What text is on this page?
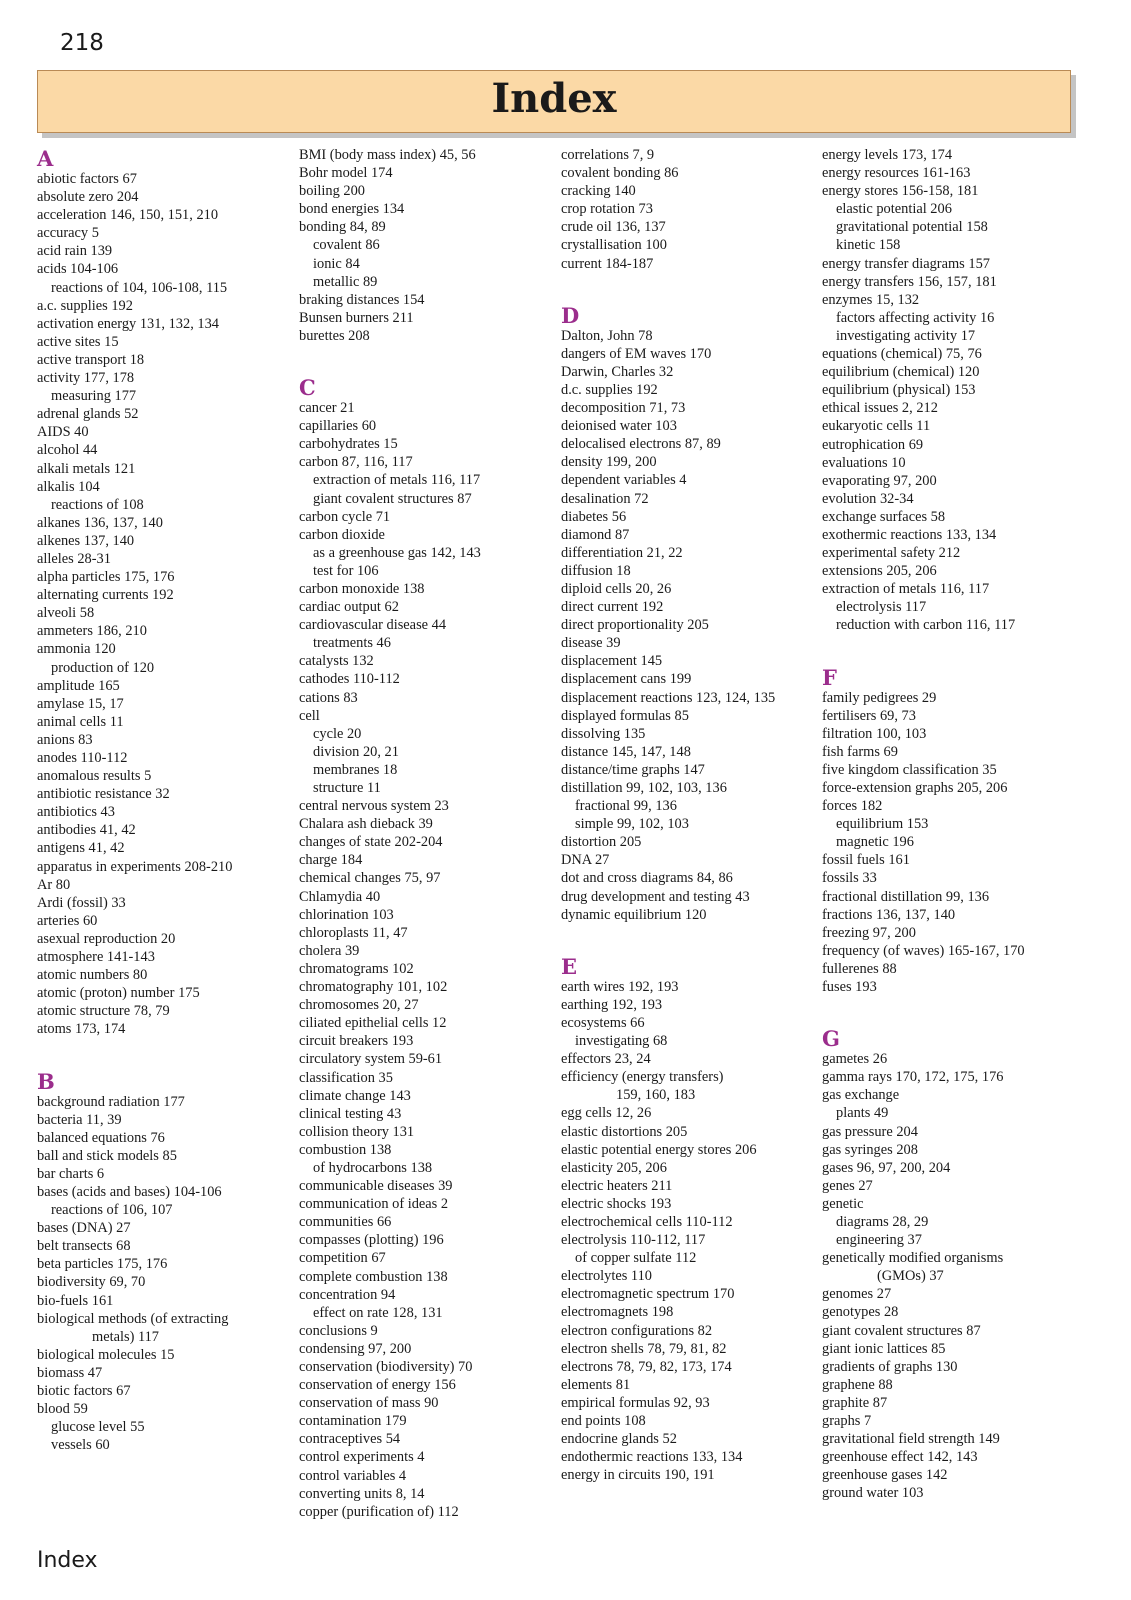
218
Index
A
abiotic factors 67
absolute zero 204
acceleration 146, 150, 151, 210
accuracy 5
acid rain 139
acids 104-106
reactions of 104, 106-108, 115
a.c. supplies 192
activation energy 131, 132, 134
active sites 15
active transport 18
activity 177, 178
measuring 177
adrenal glands 52
AIDS 40
alcohol 44
alkali metals 121
alkalis 104
reactions of 108
alkanes 136, 137, 140
alkenes 137, 140
alleles 28-31
alpha particles 175, 176
alternating currents 192
alveoli 58
ammeters 186, 210
ammonia 120
production of 120
amplitude 165
amylase 15, 17
animal cells 11
anions 83
anodes 110-112
anomalous results 5
antibiotic resistance 32
antibiotics 43
antibodies 41, 42
antigens 41, 42
apparatus in experiments 208-210
Ar 80
Ardi (fossil) 33
arteries 60
asexual reproduction 20
atmosphere 141-143
atomic numbers 80
atomic (proton) number 175
atomic structure 78, 79
atoms 173, 174
B
background radiation 177
bacteria 11, 39
balanced equations 76
ball and stick models 85
bar charts 6
bases (acids and bases) 104-106
reactions of 106, 107
bases (DNA) 27
belt transects 68
beta particles 175, 176
biodiversity 69, 70
bio-fuels 161
biological methods (of extracting
metals) 117
biological molecules 15
biomass 47
biotic factors 67
blood 59
glucose level 55
vessels 60
BMI (body mass index) 45, 56
Bohr model 174
boiling 200
bond energies 134
bonding 84, 89
covalent 86
ionic 84
metallic 89
braking distances 154
Bunsen burners 211
burettes 208
C
cancer 21
capillaries 60
carbohydrates 15
carbon 87, 116, 117
extraction of metals 116, 117
giant covalent structures 87
carbon cycle 71
carbon dioxide
as a greenhouse gas 142, 143
test for 106
carbon monoxide 138
cardiac output 62
cardiovascular disease 44
treatments 46
catalysts 132
cathodes 110-112
cations 83
cell
cycle 20
division 20, 21
membranes 18
structure 11
central nervous system 23
Chalara ash dieback 39
changes of state 202-204
charge 184
chemical changes 75, 97
Chlamydia 40
chlorination 103
chloroplasts 11, 47
cholera 39
chromatograms 102
chromatography 101, 102
chromosomes 20, 27
ciliated epithelial cells 12
circuit breakers 193
circulatory system 59-61
classification 35
climate change 143
clinical testing 43
collision theory 131
combustion 138
of hydrocarbons 138
communicable diseases 39
communication of ideas 2
communities 66
compasses (plotting) 196
competition 67
complete combustion 138
concentration 94
effect on rate 128, 131
conclusions 9
condensing 97, 200
conservation (biodiversity) 70
conservation of energy 156
conservation of mass 90
contamination 179
contraceptives 54
control experiments 4
control variables 4
converting units 8, 14
copper (purification of) 112
correlations 7, 9
covalent bonding 86
cracking 140
crop rotation 73
crude oil 136, 137
crystallisation 100
current 184-187
D
Dalton, John 78
dangers of EM waves 170
Darwin, Charles 32
d.c. supplies 192
decomposition 71, 73
deionised water 103
delocalised electrons 87, 89
density 199, 200
dependent variables 4
desalination 72
diabetes 56
diamond 87
differentiation 21, 22
diffusion 18
diploid cells 20, 26
direct current 192
direct proportionality 205
disease 39
displacement 145
displacement cans 199
displacement reactions 123, 124, 135
displayed formulas 85
dissolving 135
distance 145, 147, 148
distance/time graphs 147
distillation 99, 102, 103, 136
fractional 99, 136
simple 99, 102, 103
distortion 205
DNA 27
dot and cross diagrams 84, 86
drug development and testing 43
dynamic equilibrium 120
E
earth wires 192, 193
earthing 192, 193
ecosystems 66
investigating 68
effectors 23, 24
efficiency (energy transfers)
159, 160, 183
egg cells 12, 26
elastic distortions 205
elastic potential energy stores 206
elasticity 205, 206
electric heaters 211
electric shocks 193
electrochemical cells 110-112
electrolysis 110-112, 117
of copper sulfate 112
electrolytes 110
electromagnetic spectrum 170
electromagnets 198
electron configurations 82
electron shells 78, 79, 81, 82
electrons 78, 79, 82, 173, 174
elements 81
empirical formulas 92, 93
end points 108
endocrine glands 52
endothermic reactions 133, 134
energy in circuits 190, 191
energy levels 173, 174
energy resources 161-163
energy stores 156-158, 181
elastic potential 206
gravitational potential 158
kinetic 158
energy transfer diagrams 157
energy transfers 156, 157, 181
enzymes 15, 132
factors affecting activity 16
investigating activity 17
equations (chemical) 75, 76
equilibrium (chemical) 120
equilibrium (physical) 153
ethical issues 2, 212
eukaryotic cells 11
eutrophication 69
evaluations 10
evaporating 97, 200
evolution 32-34
exchange surfaces 58
exothermic reactions 133, 134
experimental safety 212
extensions 205, 206
extraction of metals 116, 117
electrolysis 117
reduction with carbon 116, 117
F
family pedigrees 29
fertilisers 69, 73
filtration 100, 103
fish farms 69
five kingdom classification 35
force-extension graphs 205, 206
forces 182
equilibrium 153
magnetic 196
fossil fuels 161
fossils 33
fractional distillation 99, 136
fractions 136, 137, 140
freezing 97, 200
frequency (of waves) 165-167, 170
fullerenes 88
fuses 193
G
gametes 26
gamma rays 170, 172, 175, 176
gas exchange
plants 49
gas pressure 204
gas syringes 208
gases 96, 97, 200, 204
genes 27
genetic
diagrams 28, 29
engineering 37
genetically modified organisms
(GMOs) 37
genomes 27
genotypes 28
giant covalent structures 87
giant ionic lattices 85
gradients of graphs 130
graphene 88
graphite 87
graphs 7
gravitational field strength 149
greenhouse effect 142, 143
greenhouse gases 142
ground water 103
Index
